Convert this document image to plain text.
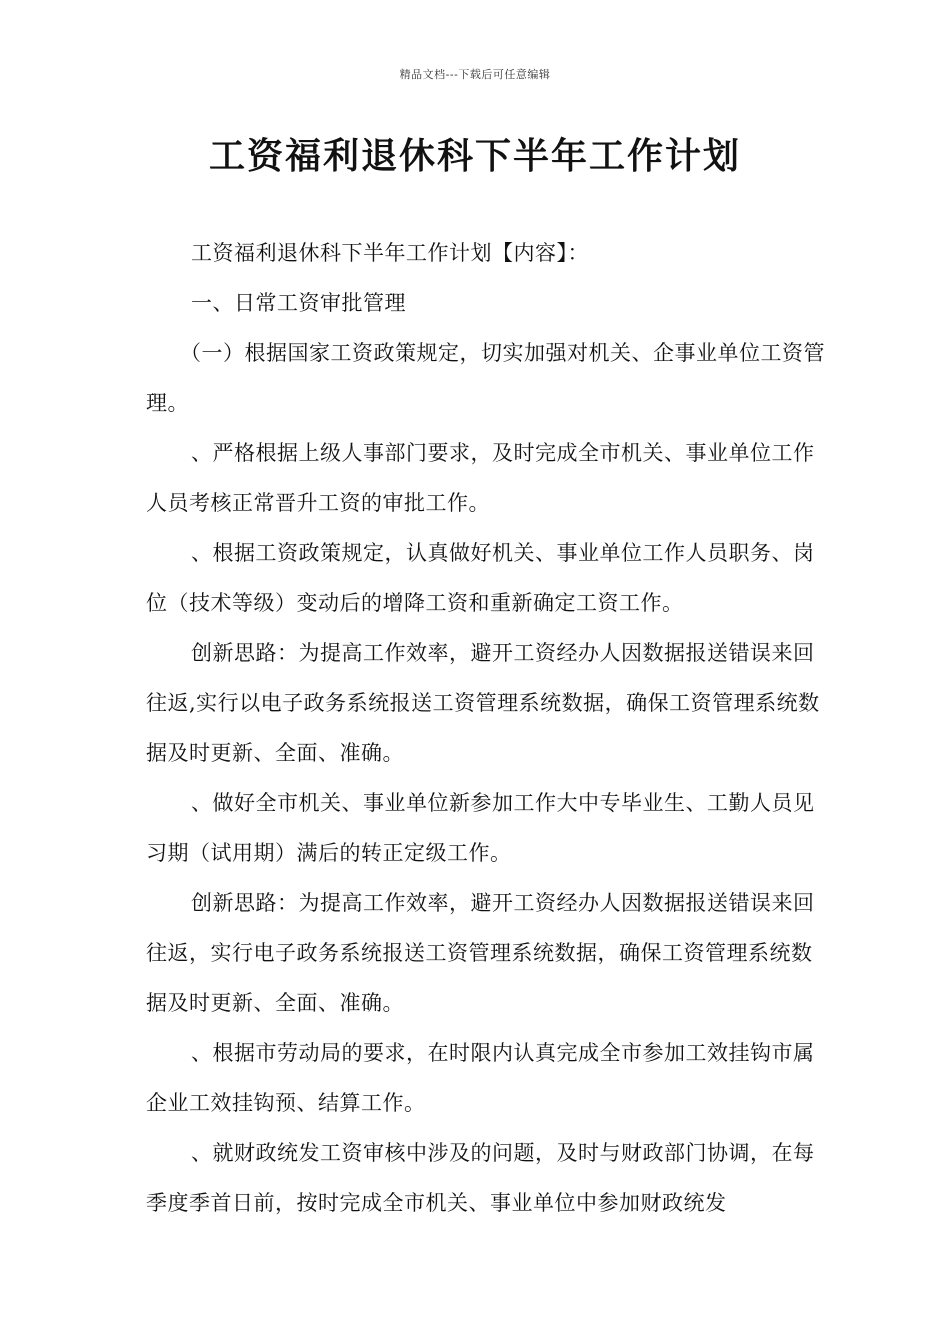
精品文档---下载后可任意编辑
工资福利退休科下半年工作计划

工资福利退休科下半年工作计划【内容】：

一、日常工资审批管理

（一）根据国家工资政策规定，切实加强对机关、企事业单位工资管理。

、严格根据上级人事部门要求，及时完成全市机关、事业单位工作人员考核正常晋升工资的审批工作。

、根据工资政策规定，认真做好机关、事业单位工作人员职务、岗位（技术等级）变动后的增降工资和重新确定工资工作。

创新思路：为提高工作效率，避开工资经办人因数据报送错误来回往返,实行以电子政务系统报送工资管理系统数据，确保工资管理系统数据及时更新、全面、准确。

、做好全市机关、事业单位新参加工作大中专毕业生、工勤人员见习期（试用期）满后的转正定级工作。

创新思路：为提高工作效率，避开工资经办人因数据报送错误来回往返，实行电子政务系统报送工资管理系统数据，确保工资管理系统数据及时更新、全面、准确。

、根据市劳动局的要求，在时限内认真完成全市参加工效挂钩市属企业工效挂钩预、结算工作。

、就财政统发工资审核中涉及的问题，及时与财政部门协调，在每季度季首日前，按时完成全市机关、事业单位中参加财政统发
